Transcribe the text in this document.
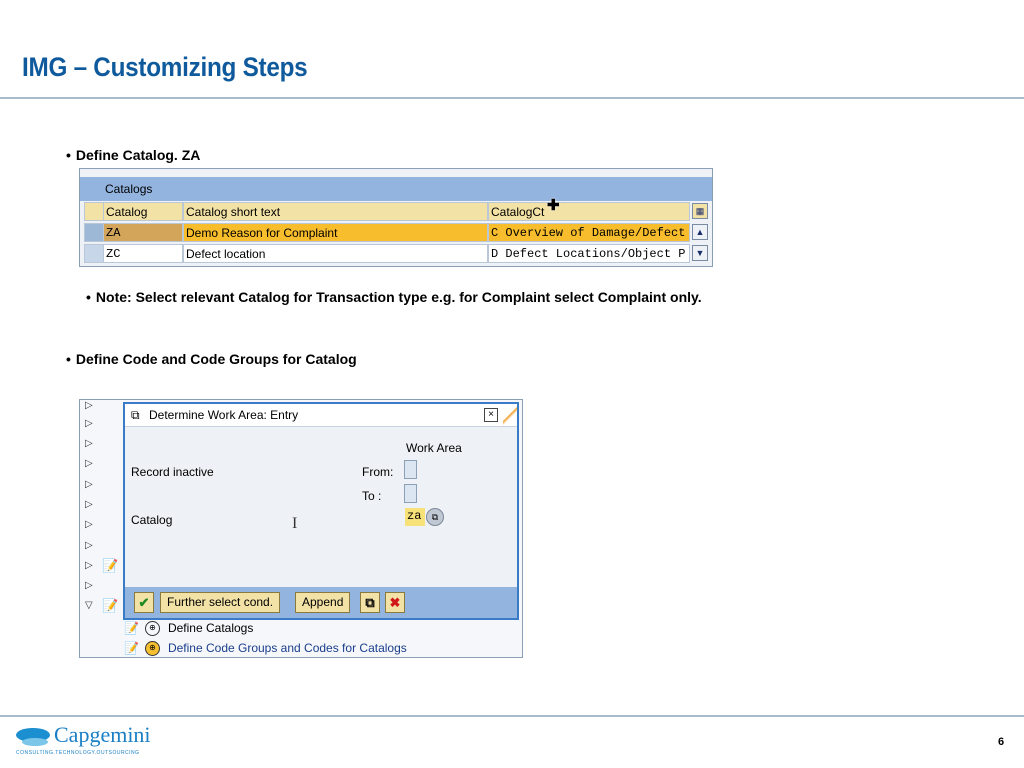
IMG – Customizing Steps
• Define Catalog. ZA
Catalogs
Catalog	Catalog short text	CatalogCt	▦
✚
ZA	Demo Reason for Complaint	C Overview of Damage/Defect	▲
ZC	Defect location	D Defect Locations/Object P	▼
• Note: Select relevant Catalog for Transaction type e.g. for Complaint select Complaint only.
• Define Code and Code Groups for Catalog
▷
▷
▷
▷
▷
▷
▷
▷
▷
▷
▽
📝
📝
⧉ Determine Work Area: Entry	×
Work Area
Record inactive	From:
To :
Catalog	za	⧉
I
✔	Further select cond.	Append	⧉	✖
📝 ⊕ Define Catalogs
📝 ⊕ Define Code Groups and Codes for Catalogs
Capgemini
CONSULTING.TECHNOLOGY.OUTSOURCING
6
